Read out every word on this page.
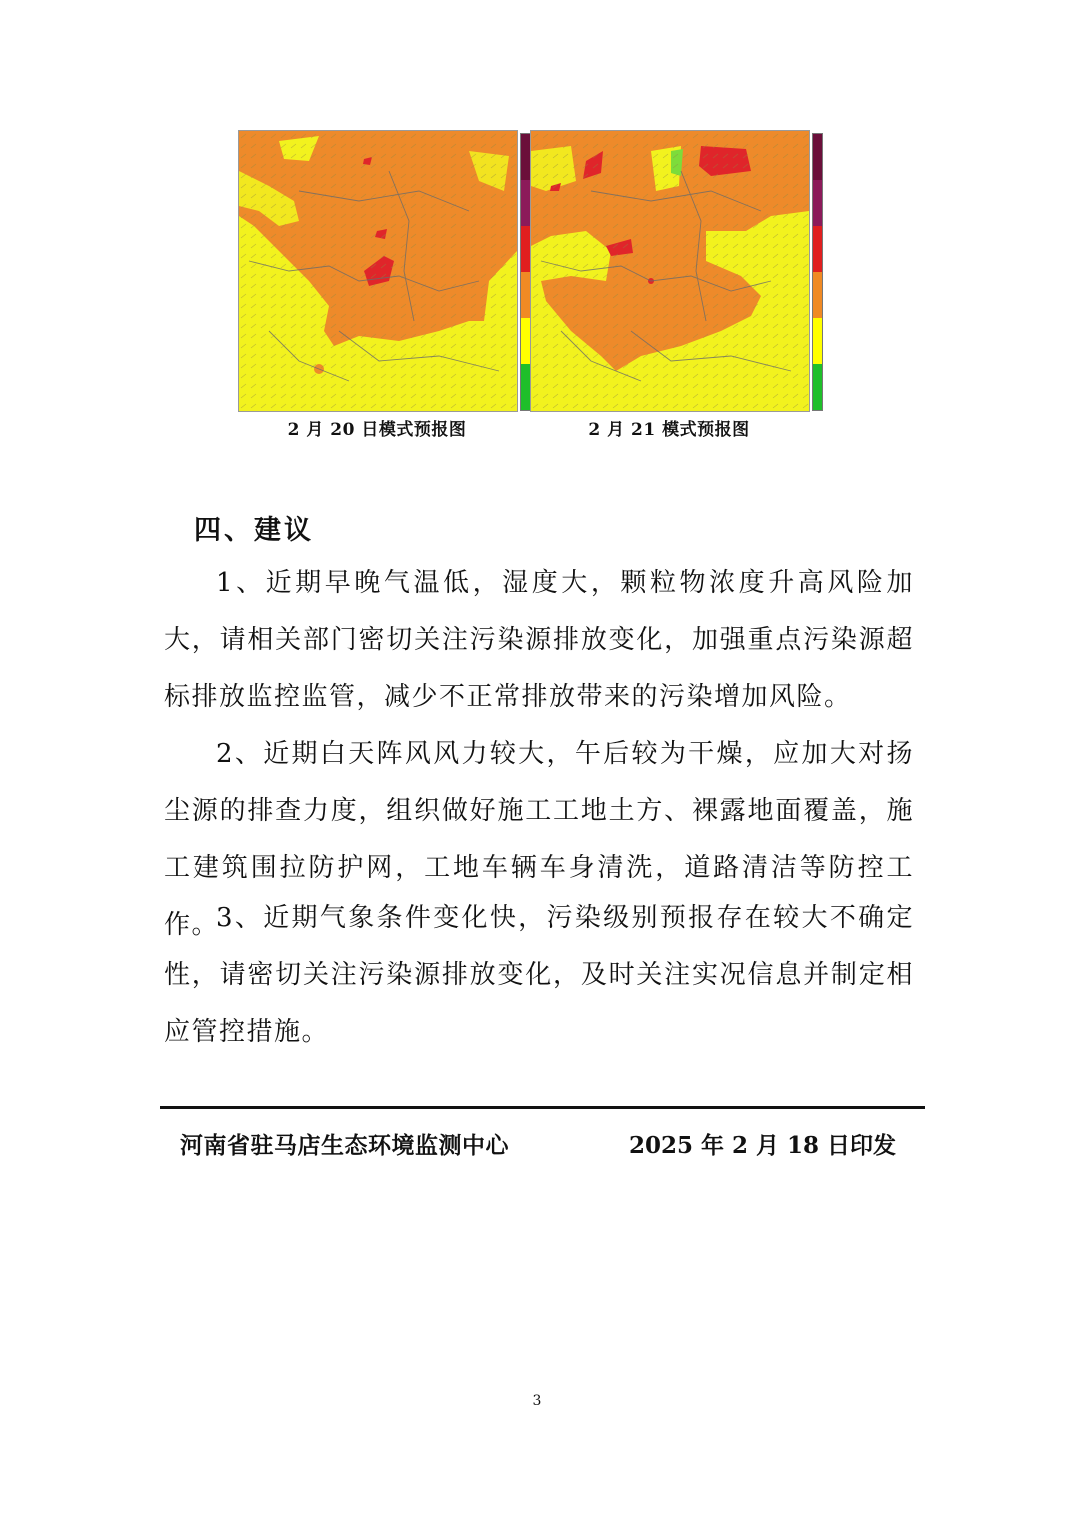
2 月 20 日模式预报图	2 月 21 模式预报图
四、建议
1、近期早晚气温低，湿度大，颗粒物浓度升高风险加大，请相关部门密切关注污染源排放变化，加强重点污染源超标排放监控监管，减少不正常排放带来的污染增加风险。
2、近期白天阵风风力较大，午后较为干燥，应加大对扬尘源的排查力度，组织做好施工工地土方、裸露地面覆盖，施工建筑围拉防护网，工地车辆车身清洗，道路清洁等防控工作。
3、近期气象条件变化快，污染级别预报存在较大不确定性，请密切关注污染源排放变化，及时关注实况信息并制定相应管控措施。
河南省驻马店生态环境监测中心	2025 年 2 月 18 日印发
3
